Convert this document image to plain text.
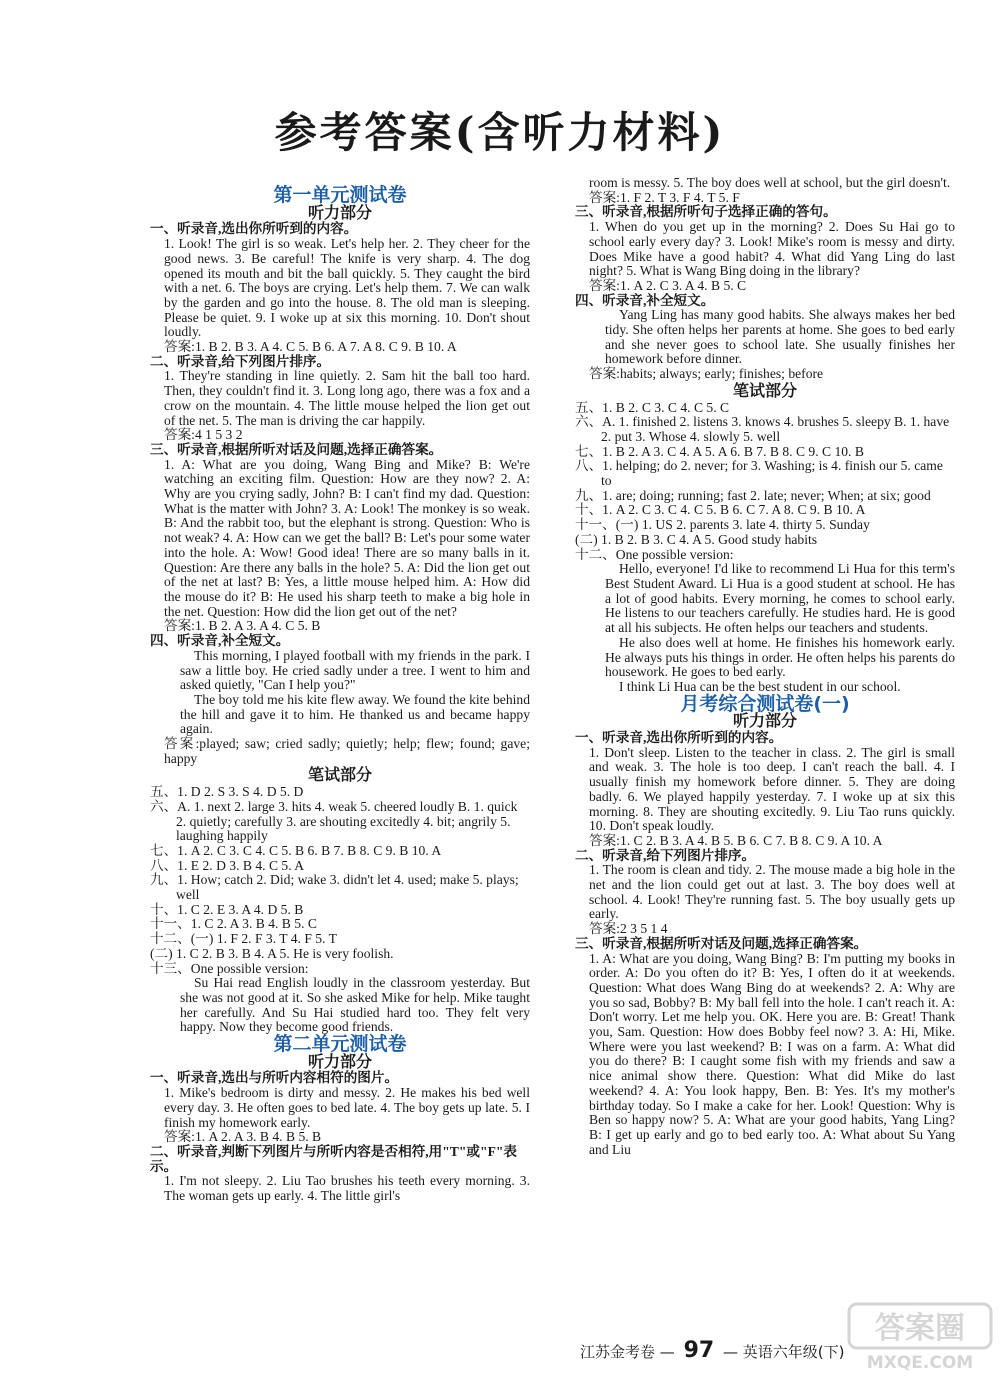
参考答案(含听力材料)
第一单元测试卷
听力部分

一、听录音,选出你所听到的内容。

1. Look! The girl is so weak. Let's help her. 2. They cheer for the good news. 3. Be careful! The knife is very sharp. 4. The dog opened its mouth and bit the ball quickly. 5. They caught the bird with a net. 6. The boys are crying. Let's help them. 7. We can walk by the garden and go into the house. 8. The old man is sleeping. Please be quiet. 9. I woke up at six this morning. 10. Don't shout loudly.

答案:1. B 2. B 3. A 4. C 5. B 6. A 7. A 8. C 9. B 10. A

二、听录音,给下列图片排序。

1. They're standing in line quietly. 2. Sam hit the ball too hard. Then, they couldn't find it. 3. Long long ago, there was a fox and a crow on the mountain. 4. The little mouse helped the lion get out of the net. 5. The man is driving the car happily.

答案:4 1 5 3 2

三、听录音,根据所听对话及问题,选择正确答案。

1. A: What are you doing, Wang Bing and Mike? B: We're watching an exciting film. Question: How are they now? 2. A: Why are you crying sadly, John? B: I can't find my dad. Question: What is the matter with John? 3. A: Look! The monkey is so weak. B: And the rabbit too, but the elephant is strong. Question: Who is not weak? 4. A: How can we get the ball? B: Let's pour some water into the hole. A: Wow! Good idea! There are so many balls in it. Question: Are there any balls in the hole? 5. A: Did the lion get out of the net at last? B: Yes, a little mouse helped him. A: How did the mouse do it? B: He used his sharp teeth to make a big hole in the net. Question: How did the lion get out of the net?

答案:1. B 2. A 3. A 4. C 5. B

四、听录音,补全短文。

This morning, I played football with my friends in the park. I saw a little boy. He cried sadly under a tree. I went to him and asked quietly, "Can I help you?"

The boy told me his kite flew away. We found the kite behind the hill and gave it to him. He thanked us and became happy again.

答案:played; saw; cried sadly; quietly; help; flew; found; gave; happy

笔试部分

五、1. D 2. S 3. S 4. D 5. D

六、A. 1. next 2. large 3. hits 4. weak 5. cheered loudly B. 1. quick 2. quietly; carefully 3. are shouting excitedly 4. bit; angrily 5. laughing happily

七、1. A 2. C 3. C 4. C 5. B 6. B 7. B 8. C 9. B 10. A

八、1. E 2. D 3. B 4. C 5. A

九、1. How; catch 2. Did; wake 3. didn't let 4. used; make 5. plays; well

十、1. C 2. E 3. A 4. D 5. B

十一、1. C 2. A 3. B 4. B 5. C

十二、(一) 1. F 2. F 3. T 4. F 5. T

(二) 1. C 2. B 3. B 4. A 5. He is very foolish.

十三、One possible version:

Su Hai read English loudly in the classroom yesterday. But she was not good at it. So she asked Mike for help. Mike taught her carefully. And Su Hai studied hard too. They felt very happy. Now they become good friends.

第二单元测试卷
听力部分

一、听录音,选出与所听内容相符的图片。

1. Mike's bedroom is dirty and messy. 2. He makes his bed well every day. 3. He often goes to bed late. 4. The boy gets up late. 5. I finish my homework early.

答案:1. A 2. A 3. B 4. B 5. B

二、听录音,判断下列图片与所听内容是否相符,用"T"或"F"表示。

1. I'm not sleepy. 2. Liu Tao brushes his teeth every morning. 3. The woman gets up early. 4. The little girl's

room is messy. 5. The boy does well at school, but the girl doesn't.

答案:1. F 2. T 3. F 4. T 5. F

三、听录音,根据所听句子选择正确的答句。

1. When do you get up in the morning? 2. Does Su Hai go to school early every day? 3. Look! Mike's room is messy and dirty. Does Mike have a good habit? 4. What did Yang Ling do last night? 5. What is Wang Bing doing in the library?

答案:1. A 2. C 3. A 4. B 5. C

四、听录音,补全短文。

Yang Ling has many good habits. She always makes her bed tidy. She often helps her parents at home. She goes to bed early and she never goes to school late. She usually finishes her homework before dinner.

答案:habits; always; early; finishes; before

笔试部分

五、1. B 2. C 3. C 4. C 5. C

六、A. 1. finished 2. listens 3. knows 4. brushes 5. sleepy B. 1. have 2. put 3. Whose 4. slowly 5. well

七、1. B 2. A 3. C 4. A 5. A 6. B 7. B 8. C 9. C 10. B

八、1. helping; do 2. never; for 3. Washing; is 4. finish our 5. came to

九、1. are; doing; running; fast 2. late; never; When; at six; good

十、1. A 2. C 3. C 4. C 5. B 6. C 7. A 8. C 9. B 10. A

十一、(一) 1. US 2. parents 3. late 4. thirty 5. Sunday

(二) 1. B 2. B 3. C 4. A 5. Good study habits

十二、One possible version:

Hello, everyone! I'd like to recommend Li Hua for this term's Best Student Award. Li Hua is a good student at school. He has a lot of good habits. Every morning, he comes to school early. He listens to our teachers carefully. He studies hard. He is good at all his subjects. He often helps our teachers and students.

He also does well at home. He finishes his homework early. He always puts his things in order. He often helps his parents do housework. He goes to bed early.

I think Li Hua can be the best student in our school.

月考综合测试卷(一)
听力部分

一、听录音,选出你所听到的内容。

1. Don't sleep. Listen to the teacher in class. 2. The girl is small and weak. 3. The hole is too deep. I can't reach the ball. 4. I usually finish my homework before dinner. 5. They are doing badly. 6. We played happily yesterday. 7. I woke up at six this morning. 8. They are shouting excitedly. 9. Liu Tao runs quickly. 10. Don't speak loudly.

答案:1. C 2. B 3. A 4. B 5. B 6. C 7. B 8. C 9. A 10. A

二、听录音,给下列图片排序。

1. The room is clean and tidy. 2. The mouse made a big hole in the net and the lion could get out at last. 3. The boy does well at school. 4. Look! They're running fast. 5. The boy usually gets up early.

答案:2 3 5 1 4

三、听录音,根据所听对话及问题,选择正确答案。

1. A: What are you doing, Wang Bing? B: I'm putting my books in order. A: Do you often do it? B: Yes, I often do it at weekends. Question: What does Wang Bing do at weekends? 2. A: Why are you so sad, Bobby? B: My ball fell into the hole. I can't reach it. A: Don't worry. Let me help you. OK. Here you are. B: Great! Thank you, Sam. Question: How does Bobby feel now? 3. A: Hi, Mike. Where were you last weekend? B: I was on a farm. A: What did you do there? B: I caught some fish with my friends and saw a nice animal show there. Question: What did Mike do last weekend? 4. A: You look happy, Ben. B: Yes. It's my mother's birthday today. So I make a cake for her. Look! Question: Why is Ben so happy now? 5. A: What are your good habits, Yang Ling? B: I get up early and go to bed early too. A: What about Su Yang and Liu

江苏金考卷 — 97 — 英语六年级(下)
答案圈
MXQE.COM
